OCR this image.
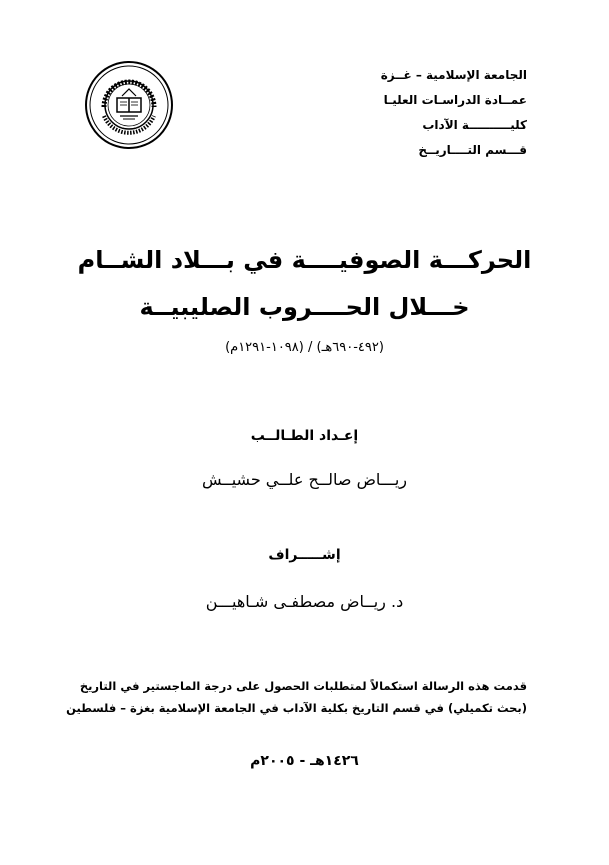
الجامعة الإسلامية – غــزة
عمــادة الدراسـات العليـا
كليــــــــــة الآداب
قـــسم التــــاريــخ
الحركـــة الصوفيــــة في بـــلاد الشــام
خـــلال الحــــروب الصليبيــة
(٤٩٢-٦٩٠هـ) / (١٠٩٨-١٢٩١م)
إعـداد الطـالــب
ريـــاض صالــح علــي حشيــش
إشـــــراف
د. ريــاض مصطفـى شـاهيـــن
قدمت هذه الرسالة استكمالاً لمتطلبات الحصول على درجة الماجستير في التاريخ
(بحث تكميلي) في قسم التاريخ بكلية الآداب في الجامعة الإسلامية بغزة – فلسطين
١٤٢٦هـ - ٢٠٠٥م
